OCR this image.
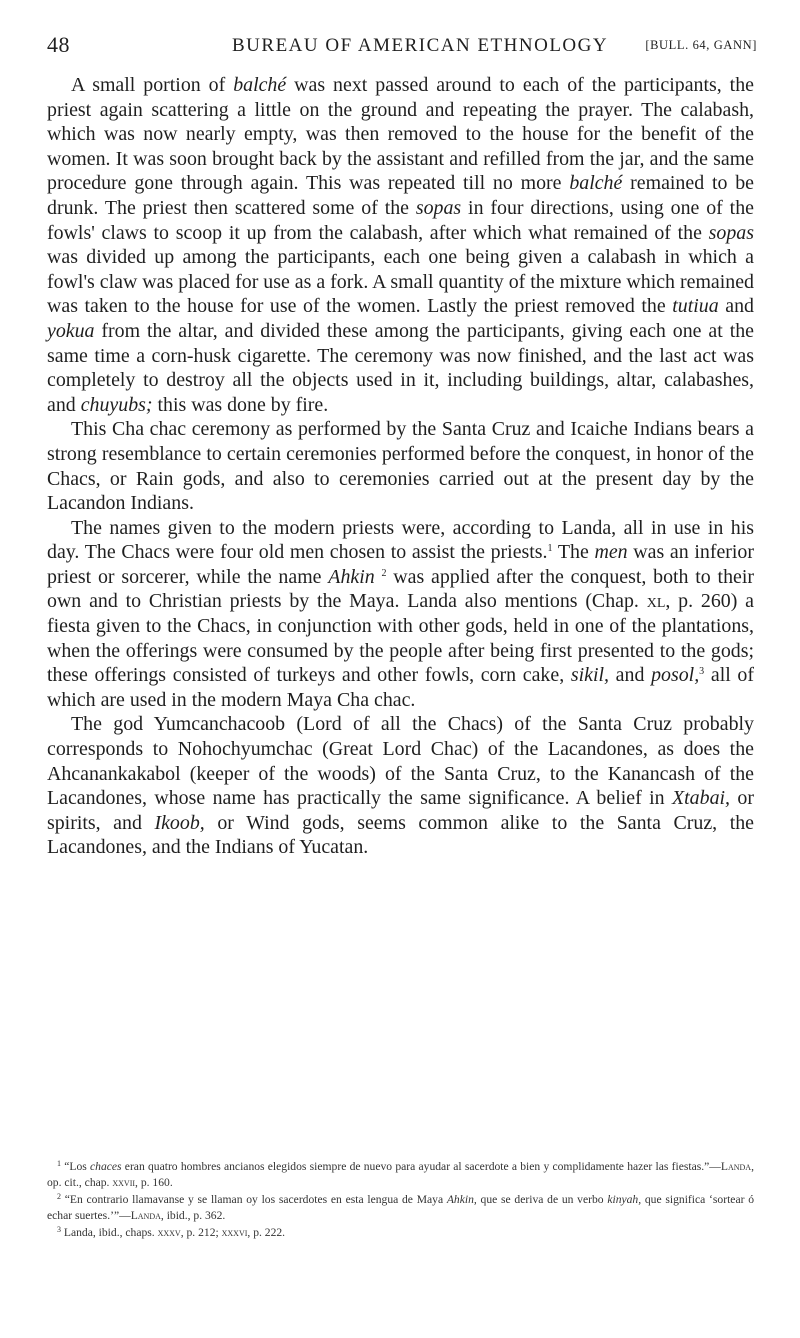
48	BUREAU OF AMERICAN ETHNOLOGY	[BULL. 64, GANN]

A small portion of balché was next passed around to each of the participants, the priest again scattering a little on the ground and repeating the prayer. The calabash, which was now nearly empty, was then removed to the house for the benefit of the women. It was soon brought back by the assistant and refilled from the jar, and the same procedure gone through again. This was repeated till no more balché remained to be drunk. The priest then scattered some of the sopas in four directions, using one of the fowls' claws to scoop it up from the calabash, after which what remained of the sopas was divided up among the participants, each one being given a calabash in which a fowl's claw was placed for use as a fork. A small quantity of the mixture which remained was taken to the house for use of the women. Lastly the priest removed the tutiua and yokua from the altar, and divided these among the participants, giving each one at the same time a corn-husk cigarette. The ceremony was now finished, and the last act was completely to destroy all the objects used in it, including buildings, altar, calabashes, and chuyubs; this was done by fire.

This Cha chac ceremony as performed by the Santa Cruz and Icaiche Indians bears a strong resemblance to certain ceremonies performed before the conquest, in honor of the Chacs, or Rain gods, and also to ceremonies carried out at the present day by the Lacandon Indians.

The names given to the modern priests were, according to Landa, all in use in his day. The Chacs were four old men chosen to assist the priests.$^1$ The men was an inferior priest or sorcerer, while the name Ahkin $^2$ was applied after the conquest, both to their own and to Christian priests by the Maya. Landa also mentions (Chap. xl, p. 260) a fiesta given to the Chacs, in conjunction with other gods, held in one of the plantations, when the offerings were consumed by the people after being first presented to the gods; these offerings consisted of turkeys and other fowls, corn cake, sikil, and posol,$^3$ all of which are used in the modern Maya Cha chac.

The god Yumcanchacoob (Lord of all the Chacs) of the Santa Cruz probably corresponds to Nohochyumchac (Great Lord Chac) of the Lacandones, as does the Ahcanankakabol (keeper of the woods) of the Santa Cruz, to the Kanancash of the Lacandones, whose name has practically the same significance. A belief in Xtabai, or spirits, and Ikoob, or Wind gods, seems common alike to the Santa Cruz, the Lacandones, and the Indians of Yucatan.

$^1$ “Los chaces eran quatro hombres ancianos elegidos siempre de nuevo para ayudar al sacerdote a bien y complidamente hazer las fiestas.”—Landa, op. cit., chap. xxvii, p. 160.

$^2$ “En contrario llamavanse y se llaman oy los sacerdotes en esta lengua de Maya Ahkin, que se deriva de un verbo kinyah, que significa ‘sortear ó echar suertes.’”—Landa, ibid., p. 362.

$^3$ Landa, ibid., chaps. xxxv, p. 212; xxxvi, p. 222.
